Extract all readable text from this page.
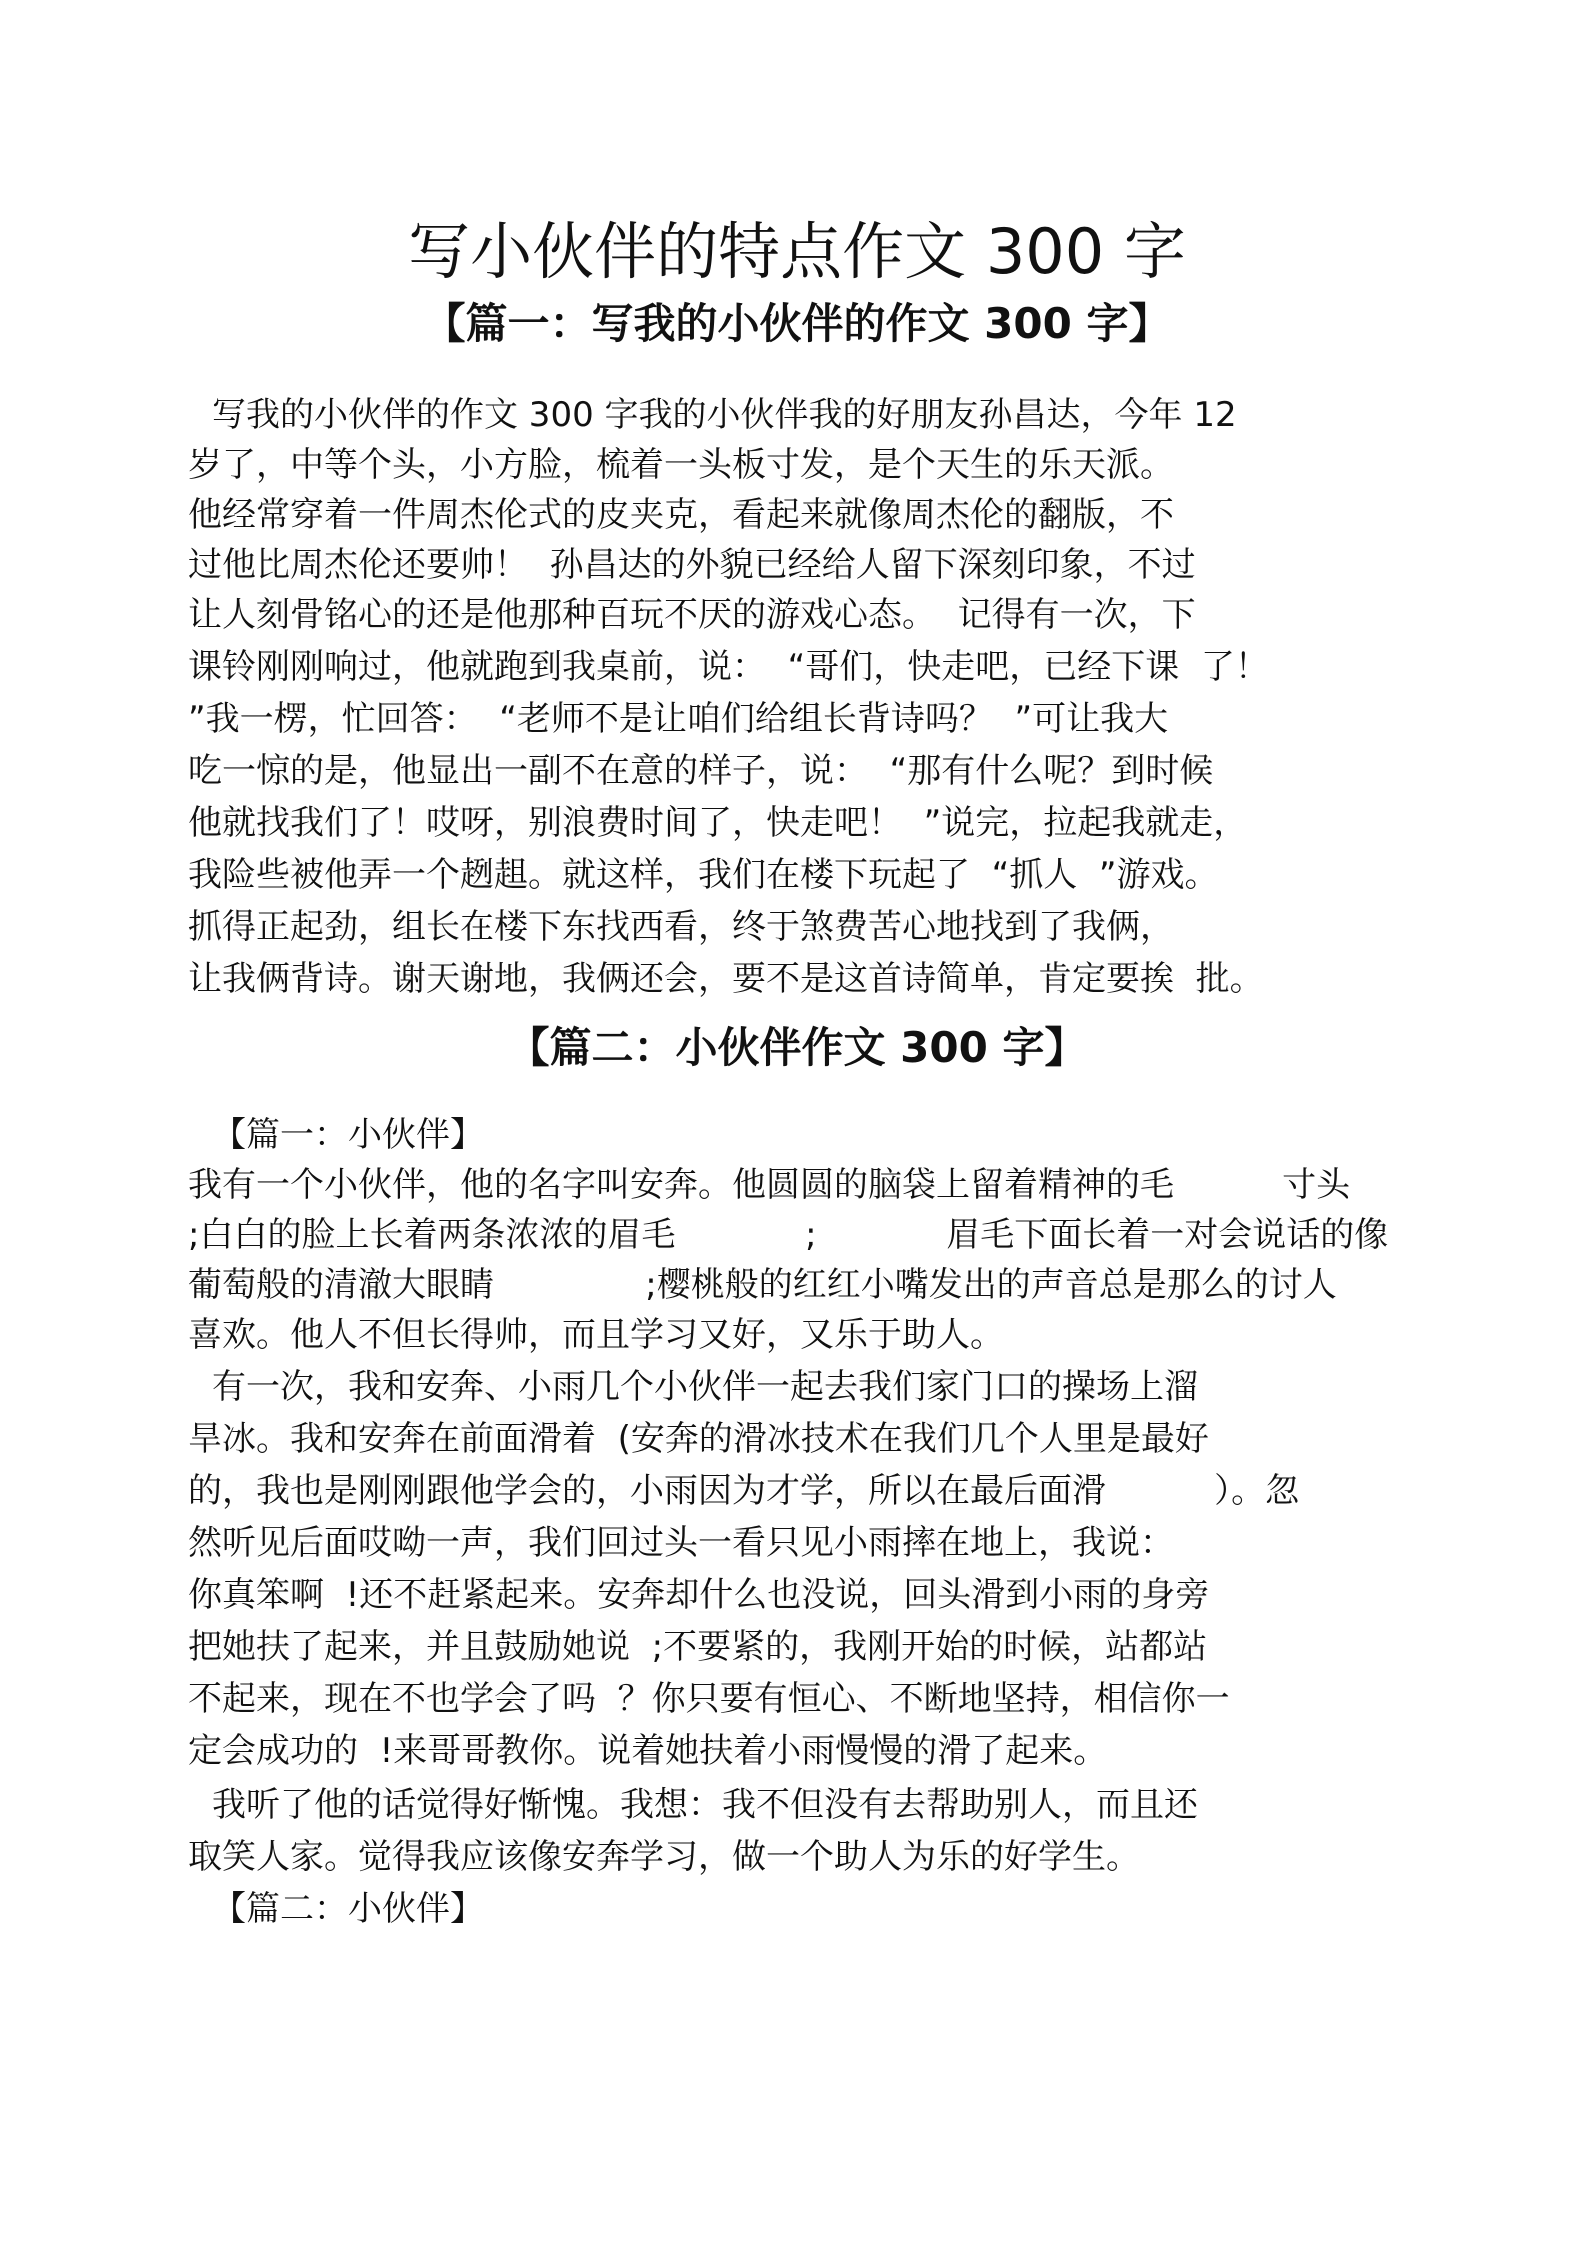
写小伙伴的特点作文 300 字
【篇一：写我的小伙伴的作文 300 字】

写我的小伙伴的作文 300 字我的小伙伴我的好朋友孙昌达，今年 12

岁了，中等个头，小方脸，梳着一头板寸发，是个天生的乐天派。

他经常穿着一件周杰伦式的皮夹克，看起来就像周杰伦的翻版，不

过他比周杰伦还要帅！  孙昌达的外貌已经给人留下深刻印象，不过

让人刻骨铭心的还是他那种百玩不厌的游戏心态。  记得有一次，下

课铃刚刚响过，他就跑到我桌前，说：  “哥们，快走吧，已经下课  了！

”我一楞，忙回答：  “老师不是让咱们给组长背诗吗？  ”可让我大

吃一惊的是，他显出一副不在意的样子，说：  “那有什么呢？到时候

他就找我们了！哎呀，别浪费时间了，快走吧！  ”说完，拉起我就走，

我险些被他弄一个趔趄。就这样，我们在楼下玩起了  “抓人  ”游戏。

抓得正起劲，组长在楼下东找西看，终于煞费苦心地找到了我俩，

让我俩背诗。谢天谢地，我俩还会，要不是这首诗简单，肯定要挨  批。

【篇二：小伙伴作文 300 字】

【篇一：小伙伴】

我有一个小伙伴，他的名字叫安奔。他圆圆的脑袋上留着精神的毛          寸头

;白白的脸上长着两条浓浓的眉毛            ;            眉毛下面长着一对会说话的像

葡萄般的清澈大眼睛              ;樱桃般的红红小嘴发出的声音总是那么的讨人

喜欢。他人不但长得帅，而且学习又好，又乐于助人。

有一次，我和安奔、小雨几个小伙伴一起去我们家门口的操场上溜

旱冰。我和安奔在前面滑着  (安奔的滑冰技术在我们几个人里是最好

的，我也是刚刚跟他学会的，小雨因为才学，所以在最后面滑          ）。忽

然听见后面哎呦一声，我们回过头一看只见小雨摔在地上，我说：

你真笨啊  !还不赶紧起来。安奔却什么也没说，回头滑到小雨的身旁

把她扶了起来，并且鼓励她说  ;不要紧的，我刚开始的时候，站都站

不起来，现在不也学会了吗  ？你只要有恒心、不断地坚持，相信你一

定会成功的  !来哥哥教你。说着她扶着小雨慢慢的滑了起来。

我听了他的话觉得好惭愧。我想：我不但没有去帮助别人，而且还

取笑人家。觉得我应该像安奔学习，做一个助人为乐的好学生。

【篇二：小伙伴】
